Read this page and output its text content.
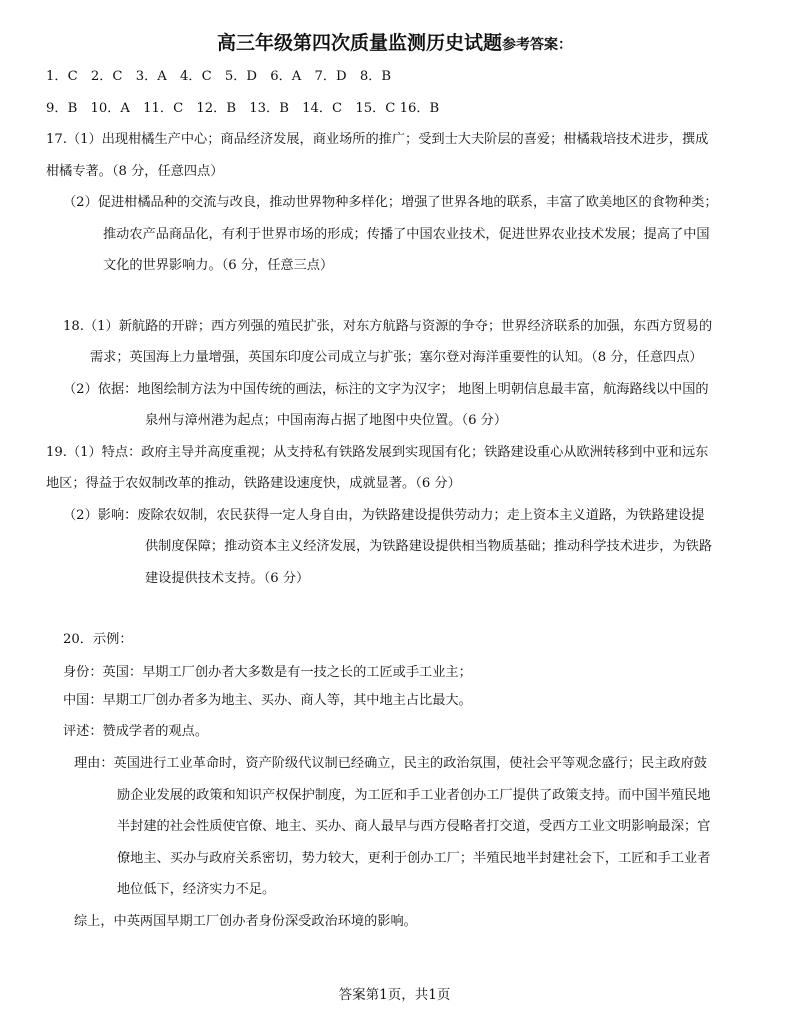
高三年级第四次质量监测历史试题参考答案：
1．C　2．C　3．A　4．C　5．D　6．A　7．D　8．B
9．B　10．A　11．C　12．B　13．B　14．C　15．C 16．B
17.（1）出现柑橘生产中心；商品经济发展，商业场所的推广；受到士大夫阶层的喜爱；柑橘栽培技术进步，撰成
柑橘专著。（8 分，任意四点）
（2）促进柑橘品种的交流与改良，推动世界物种多样化；增强了世界各地的联系，丰富了欧美地区的食物种类；
推动农产品商品化，有利于世界市场的形成；传播了中国农业技术，促进世界农业技术发展；提高了中国
文化的世界影响力。（6 分，任意三点）
18.（1）新航路的开辟；西方列强的殖民扩张，对东方航路与资源的争夺；世界经济联系的加强，东西方贸易的
需求；英国海上力量增强，英国东印度公司成立与扩张；塞尔登对海洋重要性的认知。（8 分，任意四点）
（2）依据：地图绘制方法为中国传统的画法，标注的文字为汉字； 地图上明朝信息最丰富，航海路线以中国的
泉州与漳州港为起点；中国南海占据了地图中央位置。（6 分）
19.（1）特点：政府主导并高度重视；从支持私有铁路发展到实现国有化；铁路建设重心从欧洲转移到中亚和远东
地区；得益于农奴制改革的推动，铁路建设速度快，成就显著。（6 分）
（2）影响：废除农奴制，农民获得一定人身自由，为铁路建设提供劳动力；走上资本主义道路，为铁路建设提
供制度保障；推动资本主义经济发展，为铁路建设提供相当物质基础；推动科学技术进步，为铁路
建设提供技术支持。（6 分）
20．示例：
身份：英国：早期工厂创办者大多数是有一技之长的工匠或手工业主；
中国：早期工厂创办者多为地主、买办、商人等，其中地主占比最大。
评述：赞成学者的观点。
理由：英国进行工业革命时，资产阶级代议制已经确立，民主的政治氛围，使社会平等观念盛行；民主政府鼓
励企业发展的政策和知识产权保护制度，为工匠和手工业者创办工厂提供了政策支持。而中国半殖民地
半封建的社会性质使官僚、地主、买办、商人最早与西方侵略者打交道，受西方工业文明影响最深；官
僚地主、买办与政府关系密切，势力较大，更利于创办工厂；半殖民地半封建社会下，工匠和手工业者
地位低下，经济实力不足。
综上，中英两国早期工厂创办者身份深受政治环境的影响。
答案第1页，共1页
